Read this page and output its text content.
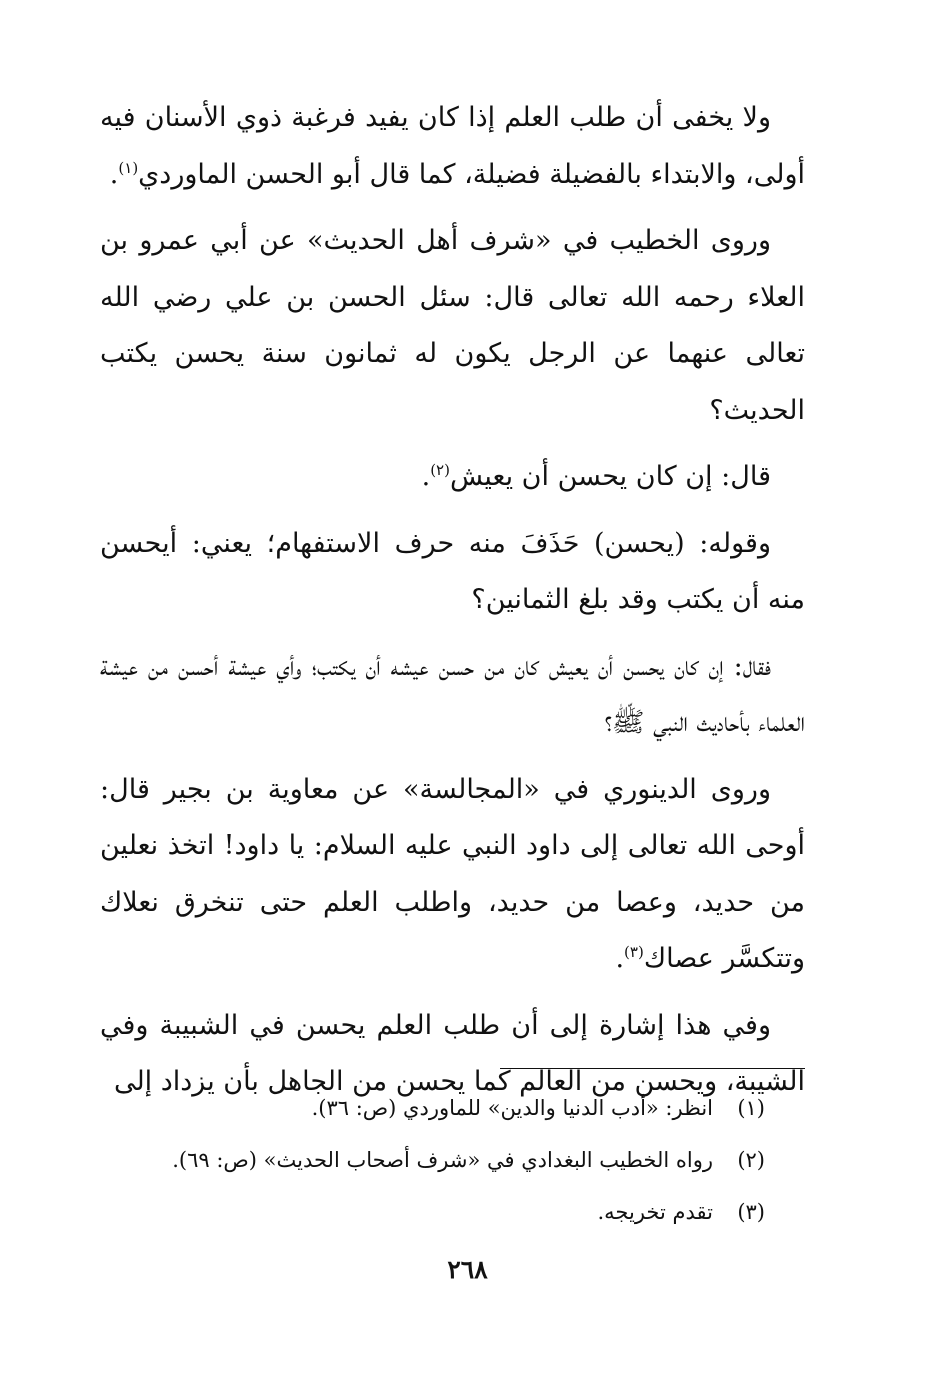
ولا يخفى أن طلب العلم إذا كان يفيد فرغبة ذوي الأسنان فيه أولى، والابتداء بالفضيلة فضيلة، كما قال أبو الحسن الماوردي$^{(١)}$.

وروى الخطيب في «شرف أهل الحديث» عن أبي عمرو بن العلاء رحمه الله تعالى قال: سئل الحسن بن علي رضي الله تعالى عنهما عن الرجل يكون له ثمانون سنة يحسن يكتب الحديث؟

قال: إن كان يحسن أن يعيش$^{(٢)}$.

وقوله: (يحسن) حَذَفَ منه حرف الاستفهام؛ يعني: أيحسن منه أن يكتب وقد بلغ الثمانين؟

فقال: إن كان يحسن أن يعيش كان من حسن عيشه أن يكتب؛ وأي عيشة أحسن من عيشة العلماء بأحاديث النبي ﷺ؟

وروى الدينوري في «المجالسة» عن معاوية بن بجير قال: أوحى الله تعالى إلى داود النبي عليه السلام: يا داود! اتخذ نعلين من حديد، وعصا من حديد، واطلب العلم حتى تنخرق نعلاك وتتكسَّر عصاك$^{(٣)}$.

وفي هذا إشارة إلى أن طلب العلم يحسن في الشبيبة وفي الشيبة، ويحسن من العالم كما يحسن من الجاهل بأن يزداد إلى

(١)انظر: «أدب الدنيا والدين» للماوردي (ص: ٣٦).

(٢)رواه الخطيب البغدادي في «شرف أصحاب الحديث» (ص: ٦٩).

(٣)تقدم تخريجه.

٢٦٨
